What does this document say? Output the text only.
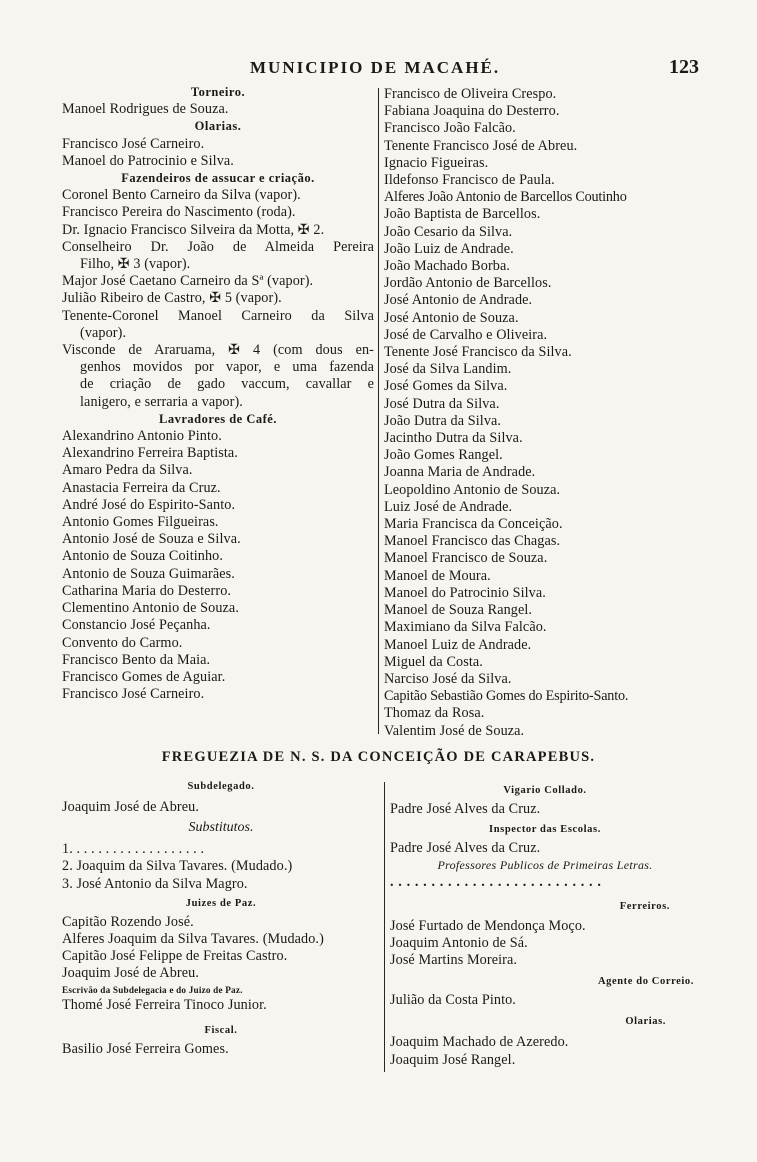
MUNICIPIO DE MACAHÉ.	123
Torneiro.
Manoel Rodrigues de Souza.
Olarias.
Francisco José Carneiro.
Manoel do Patrocinio e Silva.
Fazendeiros de assucar e criação.
Coronel Bento Carneiro da Silva (vapor).
Francisco Pereira do Nascimento (roda).
Dr. Ignacio Francisco Silveira da Motta, ✠ 2.
Conselheiro Dr. João de Almeida Pereira
Filho, ✠ 3 (vapor).
Major José Caetano Carneiro da Sª (vapor).
Julião Ribeiro de Castro, ✠ 5 (vapor).
Tenente-Coronel Manoel Carneiro da Silva
(vapor).
Visconde de Araruama, ✠ 4 (com dous en-
genhos movidos por vapor, e uma fazenda
de criação de gado vaccum, cavallar e
lanigero, e serraria a vapor).
Lavradores de Café.
Alexandrino Antonio Pinto.
Alexandrino Ferreira Baptista.
Amaro Pedra da Silva.
Anastacia Ferreira da Cruz.
André José do Espirito-Santo.
Antonio Gomes Filgueiras.
Antonio José de Souza e Silva.
Antonio de Souza Coitinho.
Antonio de Souza Guimarães.
Catharina Maria do Desterro.
Clementino Antonio de Souza.
Constancio José Peçanha.
Convento do Carmo.
Francisco Bento da Maia.
Francisco Gomes de Aguiar.
Francisco José Carneiro.
Francisco de Oliveira Crespo.
Fabiana Joaquina do Desterro.
Francisco João Falcão.
Tenente Francisco José de Abreu.
Ignacio Figueiras.
Ildefonso Francisco de Paula.
Alferes João Antonio de Barcellos Coutinho
João Baptista de Barcellos.
João Cesario da Silva.
João Luiz de Andrade.
João Machado Borba.
Jordão Antonio de Barcellos.
José Antonio de Andrade.
José Antonio de Souza.
José de Carvalho e Oliveira.
Tenente José Francisco da Silva.
José da Silva Landim.
José Gomes da Silva.
José Dutra da Silva.
João Dutra da Silva.
Jacintho Dutra da Silva.
João Gomes Rangel.
Joanna Maria de Andrade.
Leopoldino Antonio de Souza.
Luiz José de Andrade.
Maria Francisca da Conceição.
Manoel Francisco das Chagas.
Manoel Francisco de Souza.
Manoel de Moura.
Manoel do Patrocinio Silva.
Manoel de Souza Rangel.
Maximiano da Silva Falcão.
Manoel Luiz de Andrade.
Miguel da Costa.
Narciso José da Silva.
Capitão Sebastião Gomes do Espirito-Santo.
Thomaz da Rosa.
Valentim José de Souza.
FREGUEZIA DE N. S. DA CONCEIÇÃO DE CARAPEBUS.
Subdelegado.
Joaquim José de Abreu.
Substitutos.
1. . . . . . . . . . . . . . . . . . .
2. Joaquim da Silva Tavares. (Mudado.)
3. José Antonio da Silva Magro.
Juizes de Paz.
Capitão Rozendo José.
Alferes Joaquim da Silva Tavares. (Mudado.)
Capitão José Felippe de Freitas Castro.
Joaquim José de Abreu.
Escrivão da Subdelegacia e do Juizo de Paz.
Thomé José Ferreira Tinoco Junior.
Fiscal.
Basilio José Ferreira Gomes.
Vigario Collado.
Padre José Alves da Cruz.
Inspector das Escolas.
Padre José Alves da Cruz.
Professores Publicos de Primeiras Letras.
. . . . . . . . . . . . . . . . . . . . . . . . . .
Ferreiros.
José Furtado de Mendonça Moço.
Joaquim Antonio de Sá.
José Martins Moreira.
Agente do Correio.
Julião da Costa Pinto.
Olarias.
Joaquim Machado de Azeredo.
Joaquim José Rangel.
